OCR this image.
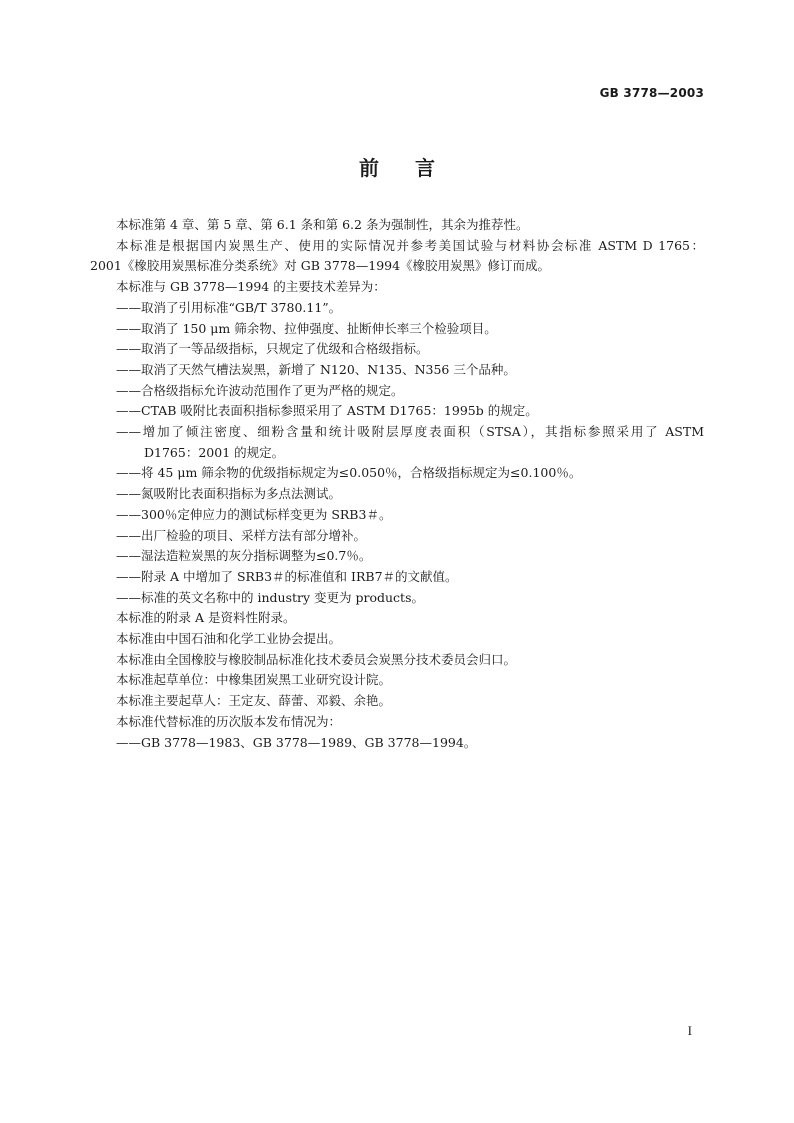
GB 3778—2003
前言

本标准第 4 章、第 5 章、第 6.1 条和第 6.2 条为强制性，其余为推荐性。

本标准是根据国内炭黑生产、使用的实际情况并参考美国试验与材料协会标准 ASTM D 1765：

2001《橡胶用炭黑标准分类系统》对 GB 3778—1994《橡胶用炭黑》修订而成。

本标准与 GB 3778—1994 的主要技术差异为：

——取消了引用标准“GB/T 3780.11”。

——取消了 150 μm 筛余物、拉伸强度、扯断伸长率三个检验项目。

——取消了一等品级指标，只规定了优级和合格级指标。

——取消了天然气槽法炭黑，新增了 N120、N135、N356 三个品种。

——合格级指标允许波动范围作了更为严格的规定。

——CTAB 吸附比表面积指标参照采用了 ASTM D1765：1995b 的规定。

——增加了倾注密度、细粉含量和统计吸附层厚度表面积（STSA），其指标参照采用了 ASTM

D1765：2001 的规定。

——将 45 μm 筛余物的优级指标规定为≤0.050％，合格级指标规定为≤0.100％。

——氮吸附比表面积指标为多点法测试。

——300％定伸应力的测试标样变更为 SRB3＃。

——出厂检验的项目、采样方法有部分增补。

——湿法造粒炭黑的灰分指标调整为≤0.7％。

——附录 A 中增加了 SRB3＃的标准值和 IRB7＃的文献值。

——标准的英文名称中的 industry 变更为 products。

本标准的附录 A 是资料性附录。

本标准由中国石油和化学工业协会提出。

本标准由全国橡胶与橡胶制品标准化技术委员会炭黑分技术委员会归口。

本标准起草单位：中橡集团炭黑工业研究设计院。

本标准主要起草人：王定友、薛蕾、邓毅、余艳。

本标准代替标准的历次版本发布情况为：

——GB 3778—1983、GB 3778—1989、GB 3778—1994。

I
